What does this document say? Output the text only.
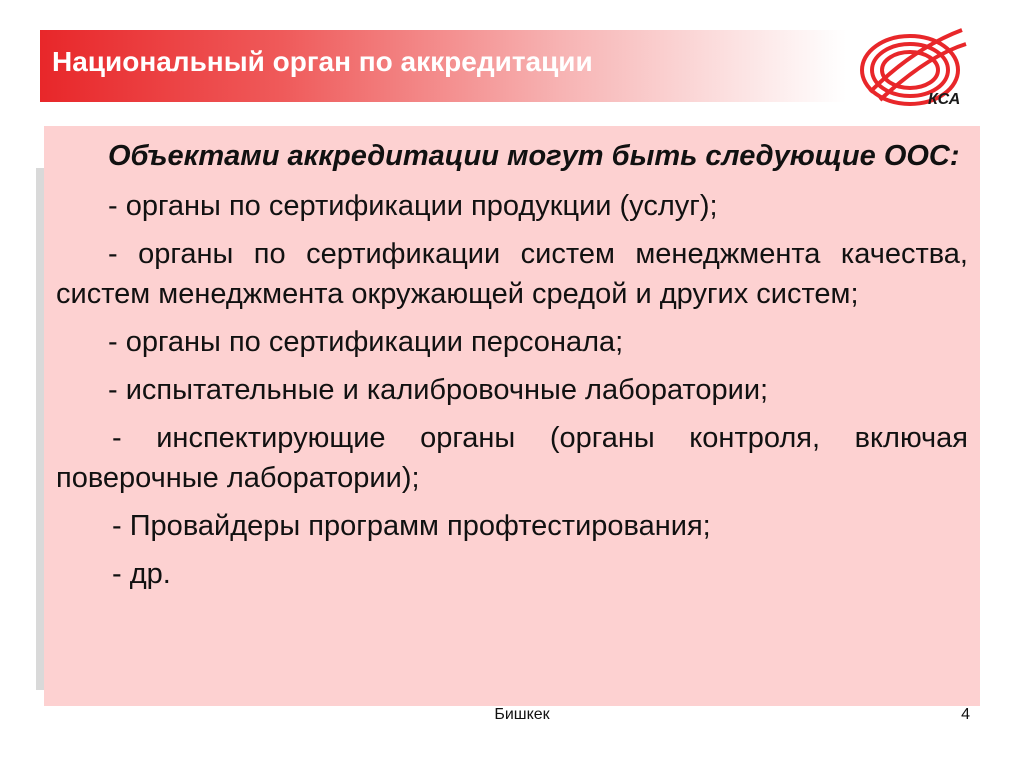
Национальный орган по аккредитации
КСА

Объектами аккредитации могут быть следующие ООС:

- органы по сертификации продукции (услуг);

- органы по сертификации систем менеджмента качества, систем менеджмента окружающей средой и других систем;

- органы по сертификации персонала;

- испытательные и калибровочные лаборатории;

- инспектирующие органы (органы контроля, включая поверочные лаборатории);

- Провайдеры программ профтестирования;

- др.

Бишкек	4
